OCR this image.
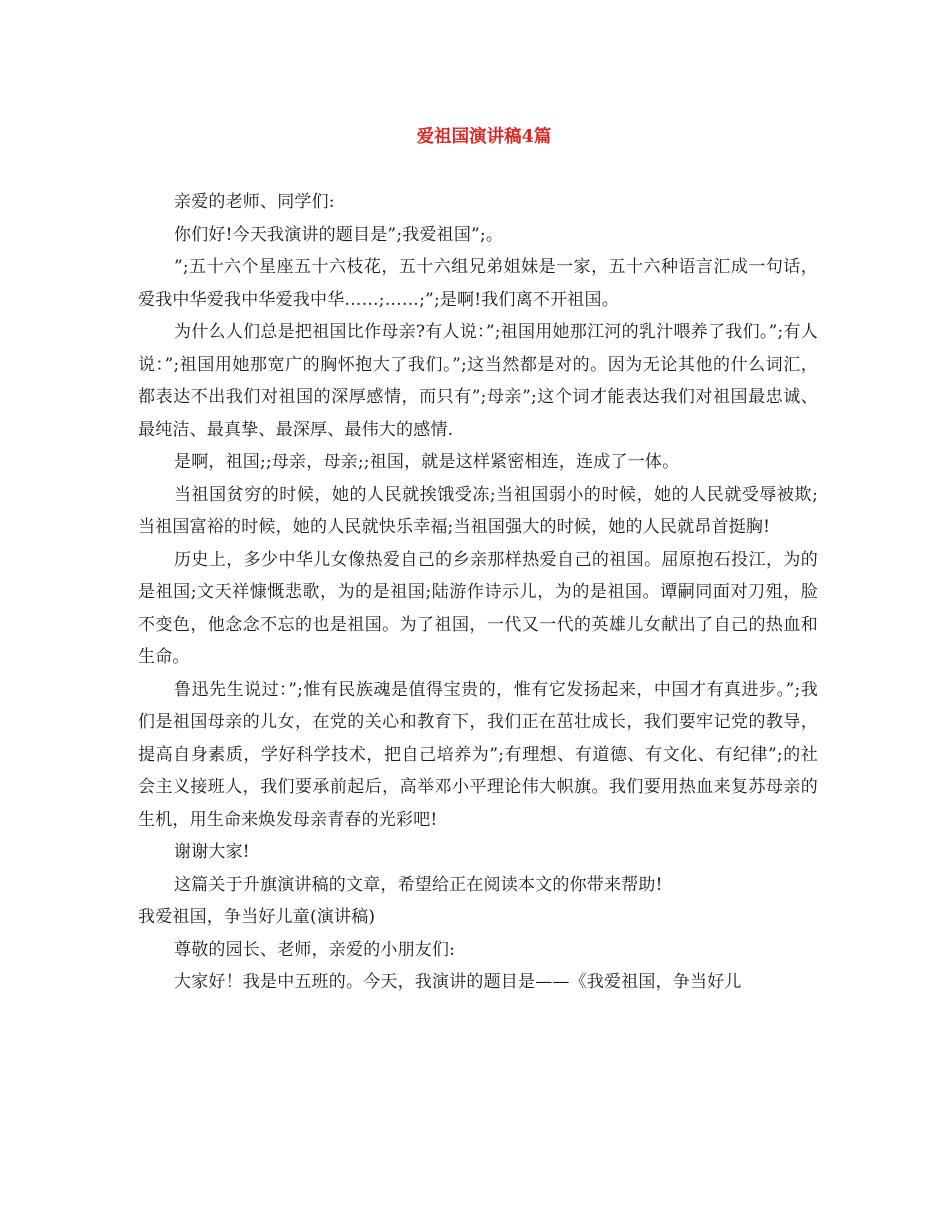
爱祖国演讲稿4篇

亲爱的老师、同学们:

你们好!今天我演讲的题目是”;我爱祖国”;。

”;五十六个星座五十六枝花，五十六组兄弟姐妹是一家，五十六种语言汇成一句话，爱我中华爱我中华爱我中华……;……;”;是啊!我们离不开祖国。

为什么人们总是把祖国比作母亲?有人说：”;祖国用她那江河的乳汁喂养了我们。”;有人说：”;祖国用她那宽广的胸怀抱大了我们。”;这当然都是对的。因为无论其他的什么词汇，都表达不出我们对祖国的深厚感情，而只有”;母亲”;这个词才能表达我们对祖国最忠诚、最纯洁、最真挚、最深厚、最伟大的感情.

是啊，祖国;;母亲，母亲;;祖国，就是这样紧密相连，连成了一体。

当祖国贫穷的时候，她的人民就挨饿受冻;当祖国弱小的时候，她的人民就受辱被欺;当祖国富裕的时候，她的人民就快乐幸福;当祖国强大的时候，她的人民就昂首挺胸!

历史上，多少中华儿女像热爱自己的乡亲那样热爱自己的祖国。屈原抱石投江，为的是祖国;文天祥慷慨悲歌，为的是祖国;陆游作诗示儿，为的是祖国。谭嗣同面对刀殂，脸不变色，他念念不忘的也是祖国。为了祖国，一代又一代的英雄儿女献出了自己的热血和生命。

鲁迅先生说过：”;惟有民族魂是值得宝贵的，惟有它发扬起来，中国才有真进步。”;我们是祖国母亲的儿女，在党的关心和教育下，我们正在茁壮成长，我们要牢记党的教导，提高自身素质，学好科学技术，把自己培养为”;有理想、有道德、有文化、有纪律”;的社会主义接班人，我们要承前起后，高举邓小平理论伟大帜旗。我们要用热血来复苏母亲的生机，用生命来焕发母亲青春的光彩吧!

谢谢大家!

这篇关于升旗演讲稿的文章，希望给正在阅读本文的你带来帮助!

我爱祖国，争当好儿童(演讲稿)

尊敬的园长、老师，亲爱的小朋友们:

大家好！我是中五班的。今天，我演讲的题目是——《我爱祖国，争当好儿
